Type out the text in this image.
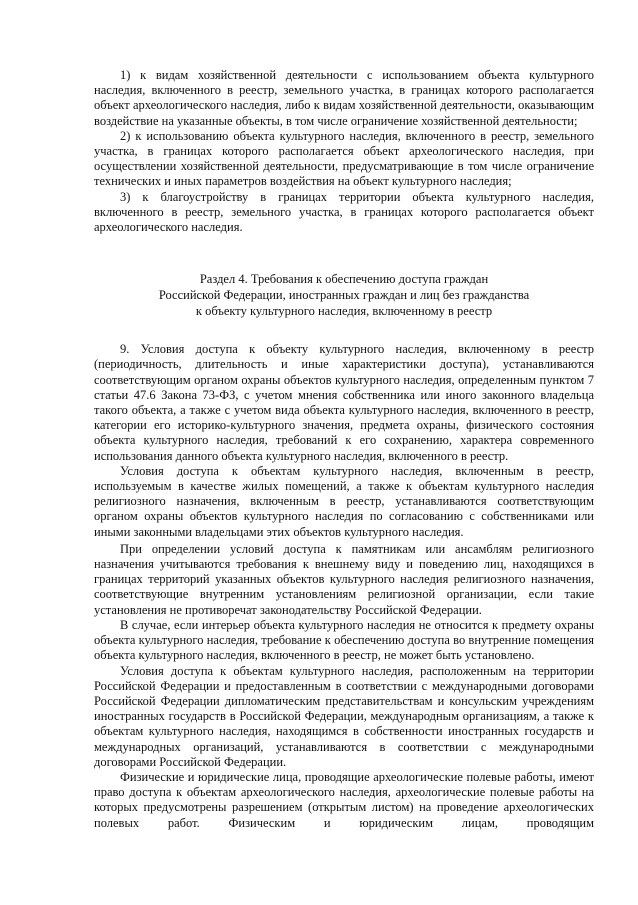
1) к видам хозяйственной деятельности с использованием объекта культурного наследия, включенного в реестр, земельного участка, в границах которого располагается объект археологического наследия, либо к видам хозяйственной деятельности, оказывающим воздействие на указанные объекты, в том числе ограничение хозяйственной деятельности;

2) к использованию объекта культурного наследия, включенного в реестр, земельного участка, в границах которого располагается объект археологического наследия, при осуществлении хозяйственной деятельности, предусматривающие в том числе ограничение технических и иных параметров воздействия на объект культурного наследия;

3) к благоустройству в границах территории объекта культурного наследия, включенного в реестр, земельного участка, в границах которого располагается объект археологического наследия.

Раздел 4. Требования к обеспечению доступа граждан
Российской Федерации, иностранных граждан и лиц без гражданства
к объекту культурного наследия, включенному в реестр

9. Условия доступа к объекту культурного наследия, включенному в реестр (периодичность, длительность и иные характеристики доступа), устанавливаются соответствующим органом охраны объектов культурного наследия, определенным пунктом 7 статьи 47.6 Закона 73-ФЗ, с учетом мнения собственника или иного законного владельца такого объекта, а также с учетом вида объекта культурного наследия, включенного в реестр, категории его историко-культурного значения, предмета охраны, физического состояния объекта культурного наследия, требований к его сохранению, характера современного использования данного объекта культурного наследия, включенного в реестр.

Условия доступа к объектам культурного наследия, включенным в реестр, используемым в качестве жилых помещений, а также к объектам культурного наследия религиозного назначения, включенным в реестр, устанавливаются соответствующим органом охраны объектов культурного наследия по согласованию с собственниками или иными законными владельцами этих объектов культурного наследия.

При определении условий доступа к памятникам или ансамблям религиозного назначения учитываются требования к внешнему виду и поведению лиц, находящихся в границах территорий указанных объектов культурного наследия религиозного назначения, соответствующие внутренним установлениям религиозной организации, если такие установления не противоречат законодательству Российской Федерации.

В случае, если интерьер объекта культурного наследия не относится к предмету охраны объекта культурного наследия, требование к обеспечению доступа во внутренние помещения объекта культурного наследия, включенного в реестр, не может быть установлено.

Условия доступа к объектам культурного наследия, расположенным на территории Российской Федерации и предоставленным в соответствии с международными договорами Российской Федерации дипломатическим представительствам и консульским учреждениям иностранных государств в Российской Федерации, международным организациям, а также к объектам культурного наследия, находящимся в собственности иностранных государств и международных организаций, устанавливаются в соответствии с международными договорами Российской Федерации.

Физические и юридические лица, проводящие археологические полевые работы, имеют право доступа к объектам археологического наследия, археологические полевые работы на которых предусмотрены разрешением (открытым листом) на проведение археологических полевых работ. Физическим и юридическим лицам, проводящим
